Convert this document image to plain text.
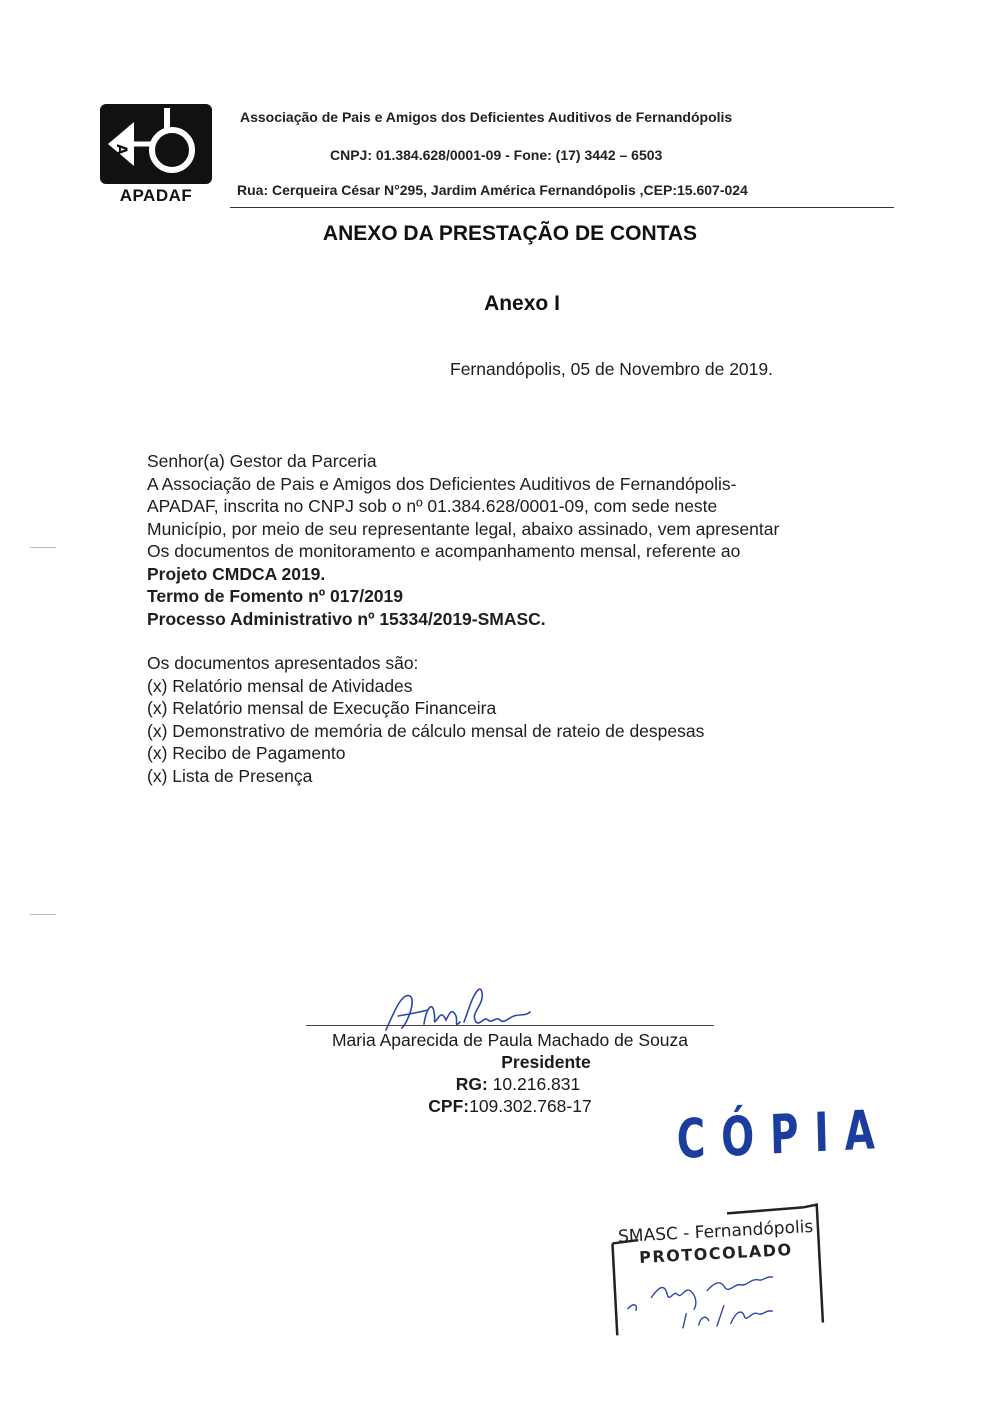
A
APADAF
Associação de Pais e Amigos dos Deficientes Auditivos de Fernandópolis
CNPJ: 01.384.628/0001-09 - Fone: (17) 3442 – 6503
Rua: Cerqueira César N°295, Jardim América Fernandópolis ,CEP:15.607-024
ANEXO DA PRESTAÇÃO DE CONTAS
Anexo I
Fernandópolis, 05 de Novembro de 2019.
Senhor(a) Gestor da Parceria
A Associação de Pais e Amigos dos Deficientes Auditivos de Fernandópolis-
APADAF, inscrita no CNPJ sob o nº 01.384.628/0001-09, com sede neste
Município, por meio de seu representante legal, abaixo assinado, vem apresentar
Os documentos de monitoramento e acompanhamento mensal, referente ao
Projeto CMDCA 2019.
Termo de Fomento nº 017/2019
Processo Administrativo nº 15334/2019-SMASC.
Os documentos apresentados são:
(x) Relatório mensal de Atividades
(x) Relatório mensal de Execução Financeira
(x) Demonstrativo de memória de cálculo mensal de rateio de despesas
(x) Recibo de Pagamento
(x) Lista de Presença
Maria Aparecida de Paula Machado de Souza
Presidente
RG: 10.216.831
CPF:109.302.768-17	CÓPIA
SMASC - Fernandópolis
PROTOCOLADO
